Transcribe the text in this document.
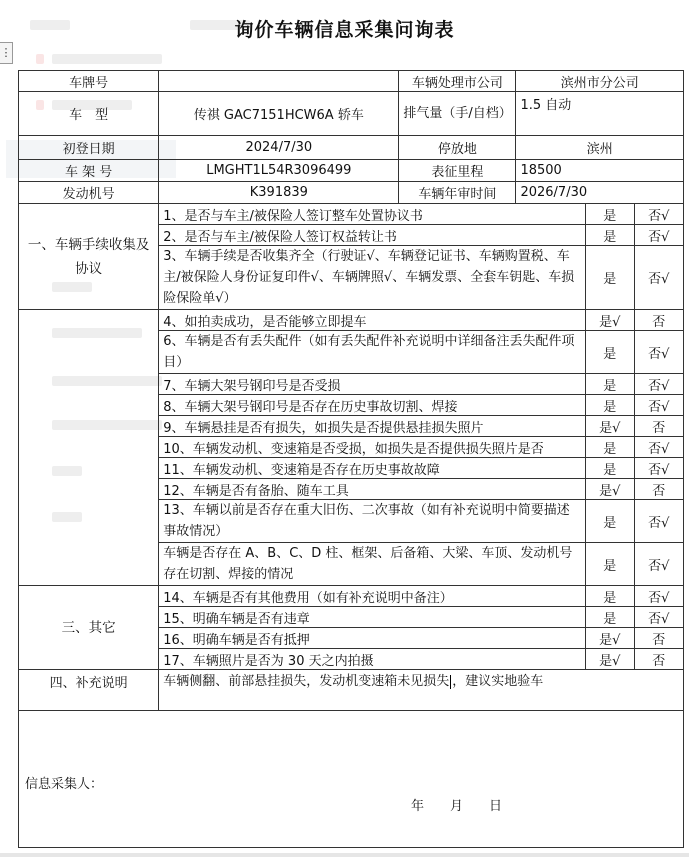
⋮
询价车辆信息采集问询表
车牌号		车辆处理市公司	滨州市分公司		
车　型	传祺 GAC7151HCW6A 轿车	排气量（手/自档）	1.5 自动		
初登日期	2024/7/30	停放地	滨州		
车 架 号	LMGHT1L54R3096499	表征里程	18500		
发动机号	K391839	车辆年审时间	2026/7/30		
一、车辆手续收集及协议	1、是否与车主/被保险人签订整车处置协议书			是	否√
	2、是否与车主/被保险人签订权益转让书			是	否√
	3、车辆手续是否收集齐全（行驶证√、车辆登记证书、车辆购置税、车主/被保险人身份证复印件√、车辆牌照√、车辆发票、全套车钥匙、车损险保险单√）			是	否√
	4、如拍卖成功，是否能够立即提车			是√	否
	6、车辆是否有丢失配件（如有丢失配件补充说明中详细备注丢失配件项目）			是	否√
	7、车辆大架号钢印号是否受损			是	否√
	8、车辆大架号钢印号是否存在历史事故切割、焊接			是	否√
	9、车辆悬挂是否有损失，如损失是否提供悬挂损失照片			是√	否
	10、车辆发动机、变速箱是否受损，如损失是否提供损失照片是否			是	否√
	11、车辆发动机、变速箱是否存在历史事故故障			是	否√
	12、车辆是否有备胎、随车工具			是√	否
	13、车辆以前是否存在重大旧伤、二次事故（如有补充说明中简要描述事故情况）			是	否√
	车辆是否存在 A、B、C、D 柱、框架、后备箱、大梁、车顶、发动机号存在切割、焊接的情况			是	否√
三、其它	14、车辆是否有其他费用（如有补充说明中备注）			是	否√
	15、明确车辆是否有违章			是	否√
	16、明确车辆是否有抵押			是√	否
	17、车辆照片是否为 30 天之内拍摄			是√	否
四、补充说明	车辆侧翻、前部悬挂损失，发动机变速箱未见损失 ，建议实地验车				

信息采集人：
年 月 日					
